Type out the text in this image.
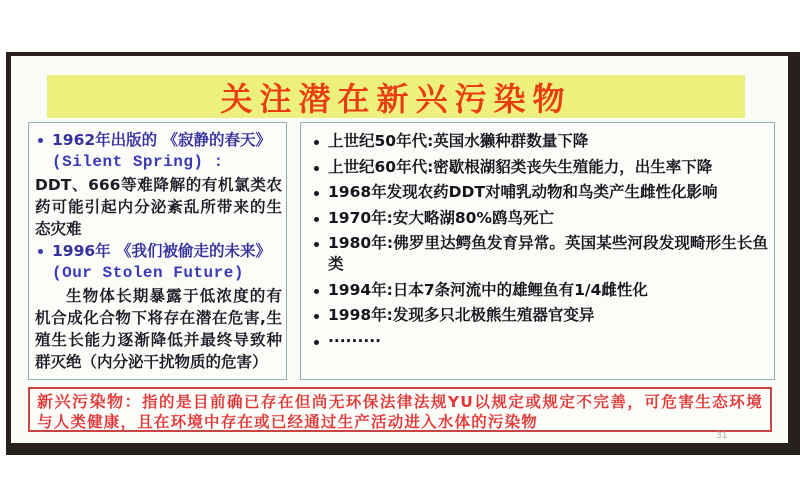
关注潜在新兴污染物
1962年出版的 《寂静的春天》
(Silent Spring) :
DDT、666等难降解的有机氯类农药可能引起内分泌紊乱所带来的生态灾难
1996年 《我们被偷走的未来》
(Our Stolen Future)
生物体长期暴露于低浓度的有机合成化合物下将存在潜在危害,生殖生长能力逐渐降低并最终导致种群灭绝（内分泌干扰物质的危害）
上世纪50年代:英国水獭种群数量下降
上世纪60年代:密歇根湖貂类丧失生殖能力，出生率下降
1968年发现农药DDT对哺乳动物和鸟类产生雌性化影响
1970年:安大略湖80%鸥鸟死亡
1980年:佛罗里达鳄鱼发育异常。英国某些河段发现畸形生长鱼类
1994年:日本7条河流中的雄鲤鱼有1/4雌性化
1998年:发现多只北极熊生殖器官变异
·········
新兴污染物：指的是目前确已存在但尚无环保法律法规YU以规定或规定不完善，可危害生态环境与人类健康，且在环境中存在或已经通过生产活动进入水体的污染物
31
